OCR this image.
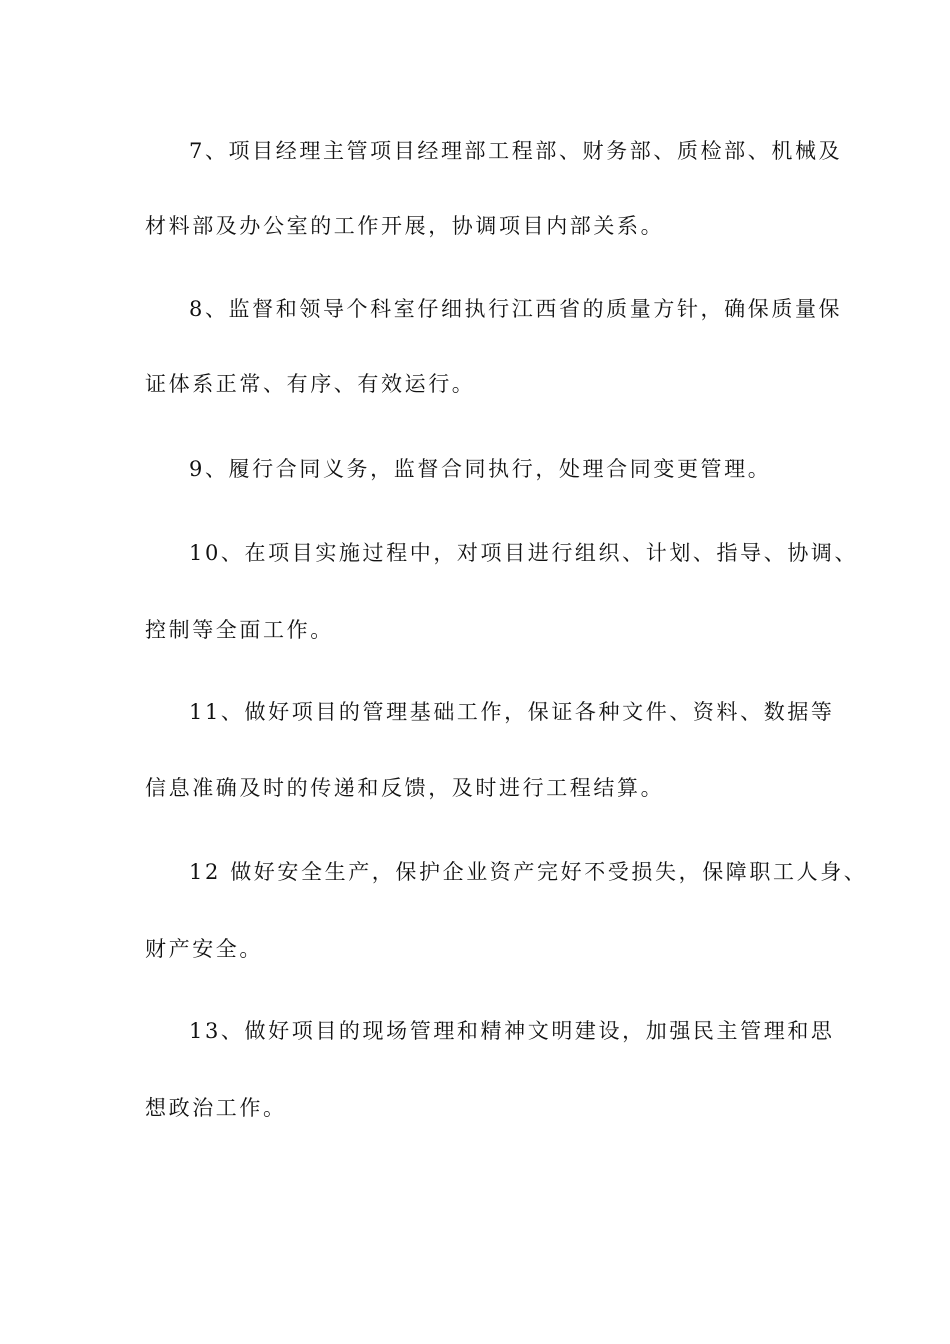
7、项目经理主管项目经理部工程部、财务部、质检部、机械及
材料部及办公室的工作开展，协调项目内部关系。
8、监督和领导个科室仔细执行江西省的质量方针，确保质量保
证体系正常、有序、有效运行。
9、履行合同义务，监督合同执行，处理合同变更管理。
10、在项目实施过程中，对项目进行组织、计划、指导、协调、
控制等全面工作。
11、做好项目的管理基础工作，保证各种文件、资料、数据等
信息准确及时的传递和反馈，及时进行工程结算。
12 做好安全生产，保护企业资产完好不受损失，保障职工人身、
财产安全。
13、做好项目的现场管理和精神文明建设，加强民主管理和思
想政治工作。
